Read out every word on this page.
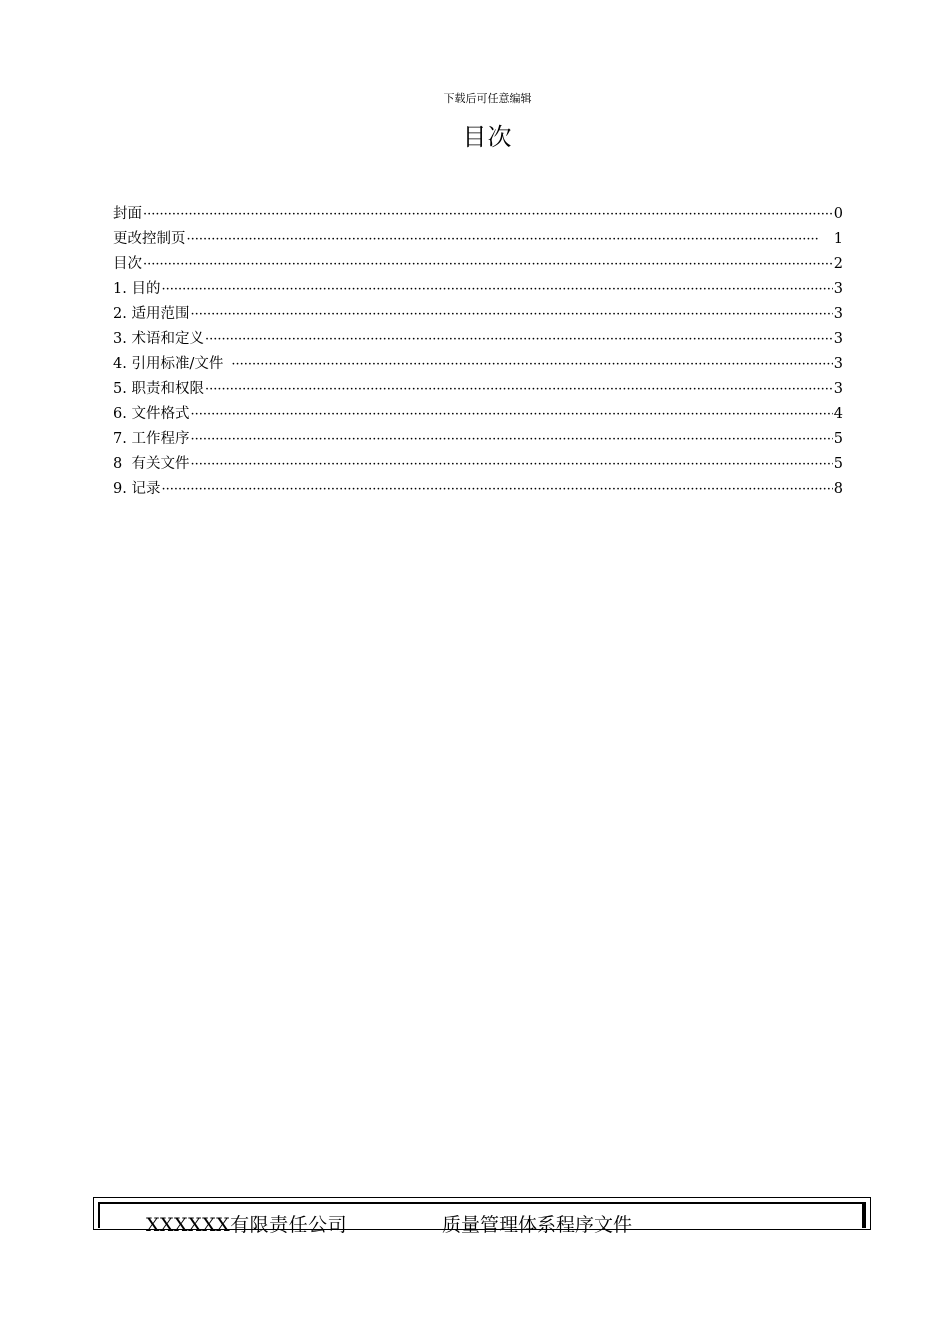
下载后可任意编辑
目次
封面 ·····	0
更改控制页 ·····	1
目次 ·····	2
1. 目的 ·····	3
2. 适用范围 ·····	3
3. 术语和定义 ·····	3
4. 引用标准/文件 ·····	3
5. 职责和权限 ·····	3
6. 文件格式 ·····	4
7. 工作程序 ·····	5
8  有关文件 ·····	5
9. 记录 ·····	8
XXXXXX有限责任公司	质量管理体系程序文件
